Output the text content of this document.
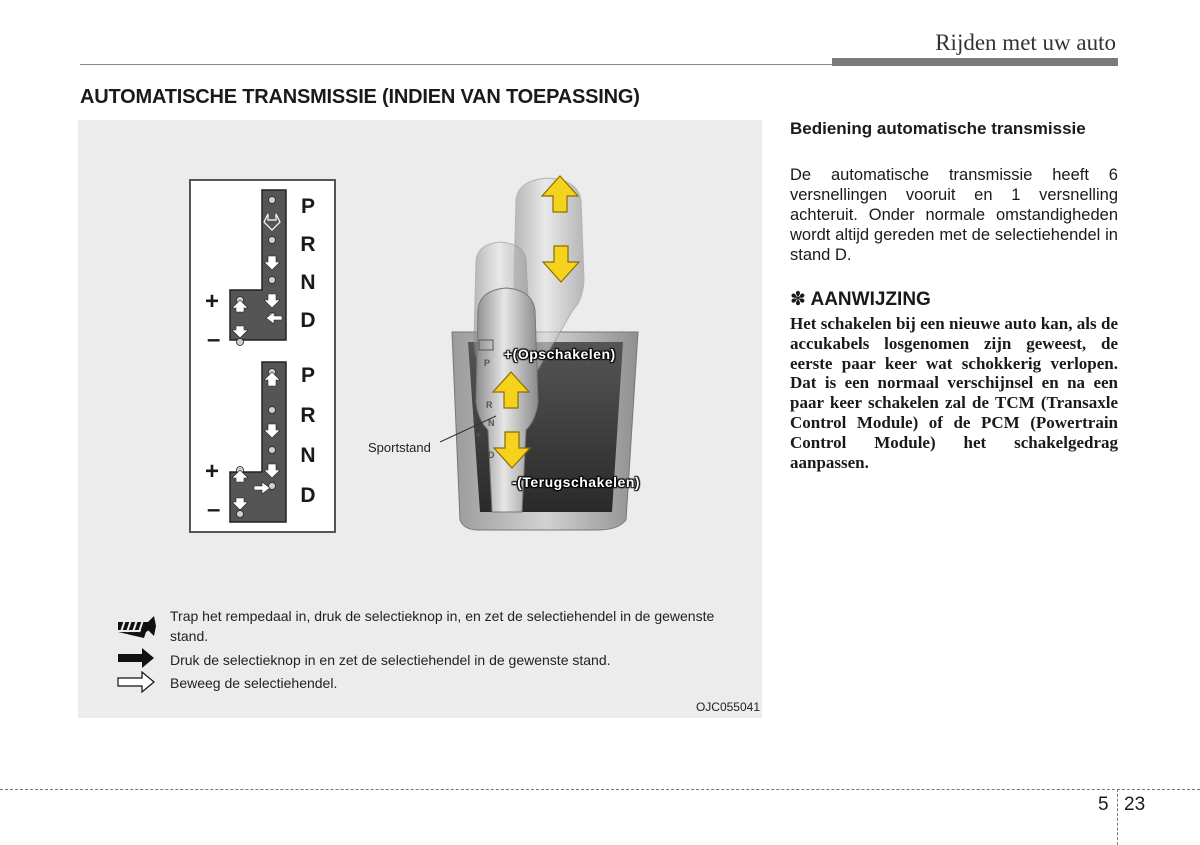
Rijden met uw auto
AUTOMATISCHE TRANSMISSIE (INDIEN VAN TOEPASSING)
P
R
N
+
D
P
R
N
D
P
R
N
D
+
–
+
–
+(Opschakelen)
-(Terugschakelen)
Sportstand
Trap het rempedaal in, druk de selectieknop in, en zet de selectiehendel in de gewenste stand.
Druk de selectieknop in en zet de selectiehendel in de gewenste stand.
Beweeg de selectiehendel.
OJC055041
Bediening automatische transmissie
De automatische transmissie heeft 6 versnellingen vooruit en 1 versnelling achteruit. Onder normale omstandigheden wordt altijd gereden met de selectiehendel in stand D.
✽ AANWIJZING
Het schakelen bij een nieuwe auto kan, als de accukabels losgenomen zijn geweest, de eerste paar keer wat schokkerig verlopen. Dat is een normaal verschijnsel en na een paar keer schakelen zal de TCM (Transaxle Control Module) of de PCM (Powertrain Control Module) het schakelgedrag aanpassen.
5 23
